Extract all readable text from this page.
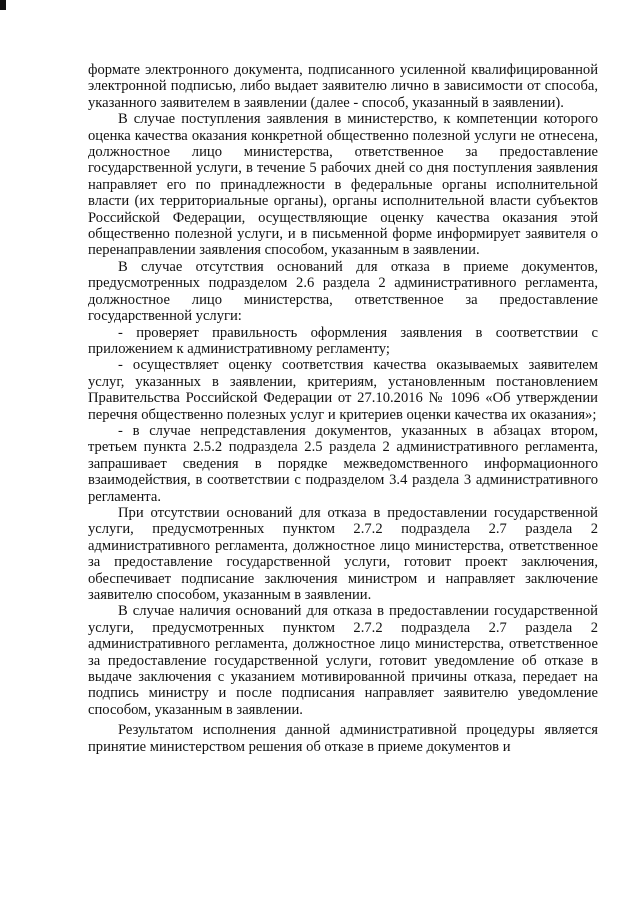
формате электронного документа, подписанного усиленной квалифицированной электронной подписью, либо выдает заявителю лично в зависимости от способа, указанного заявителем в заявлении (далее - способ, указанный в заявлении).

В случае поступления заявления в министерство, к компетенции которого оценка качества оказания конкретной общественно полезной услуги не отнесена, должностное лицо министерства, ответственное за предоставление государственной услуги, в течение 5 рабочих дней со дня поступления заявления направляет его по принадлежности в федеральные органы исполнительной власти (их территориальные органы), органы исполнительной власти субъектов Российской Федерации, осуществляющие оценку качества оказания этой общественно полезной услуги, и в письменной форме информирует заявителя о перенаправлении заявления способом, указанным в заявлении.

В случае отсутствия оснований для отказа в приеме документов, предусмотренных подразделом 2.6 раздела 2 административного регламента, должностное лицо министерства, ответственное за предоставление государственной услуги:

- проверяет правильность оформления заявления в соответствии с приложением к административному регламенту;

- осуществляет оценку соответствия качества оказываемых заявителем услуг, указанных в заявлении, критериям, установленным постановлением Правительства Российской Федерации от 27.10.2016 № 1096 «Об утверждении перечня общественно полезных услуг и критериев оценки качества их оказания»;

- в случае непредставления документов, указанных в абзацах втором, третьем пункта 2.5.2 подраздела 2.5 раздела 2 административного регламента, запрашивает сведения в порядке межведомственного информационного взаимодействия, в соответствии с подразделом 3.4 раздела 3 административного регламента.

При отсутствии оснований для отказа в предоставлении государственной услуги, предусмотренных пунктом 2.7.2 подраздела 2.7 раздела 2 административного регламента, должностное лицо министерства, ответственное за предоставление государственной услуги, готовит проект заключения, обеспечивает подписание заключения министром и направляет заключение заявителю способом, указанным в заявлении.

В случае наличия оснований для отказа в предоставлении государственной услуги, предусмотренных пунктом 2.7.2 подраздела 2.7 раздела 2 административного регламента, должностное лицо министерства, ответственное за предоставление государственной услуги, готовит уведомление об отказе в выдаче заключения с указанием мотивированной причины отказа, передает на подпись министру и после подписания направляет заявителю уведомление способом, указанным в заявлении.

Результатом исполнения данной административной процедуры является принятие министерством решения об отказе в приеме документов и
